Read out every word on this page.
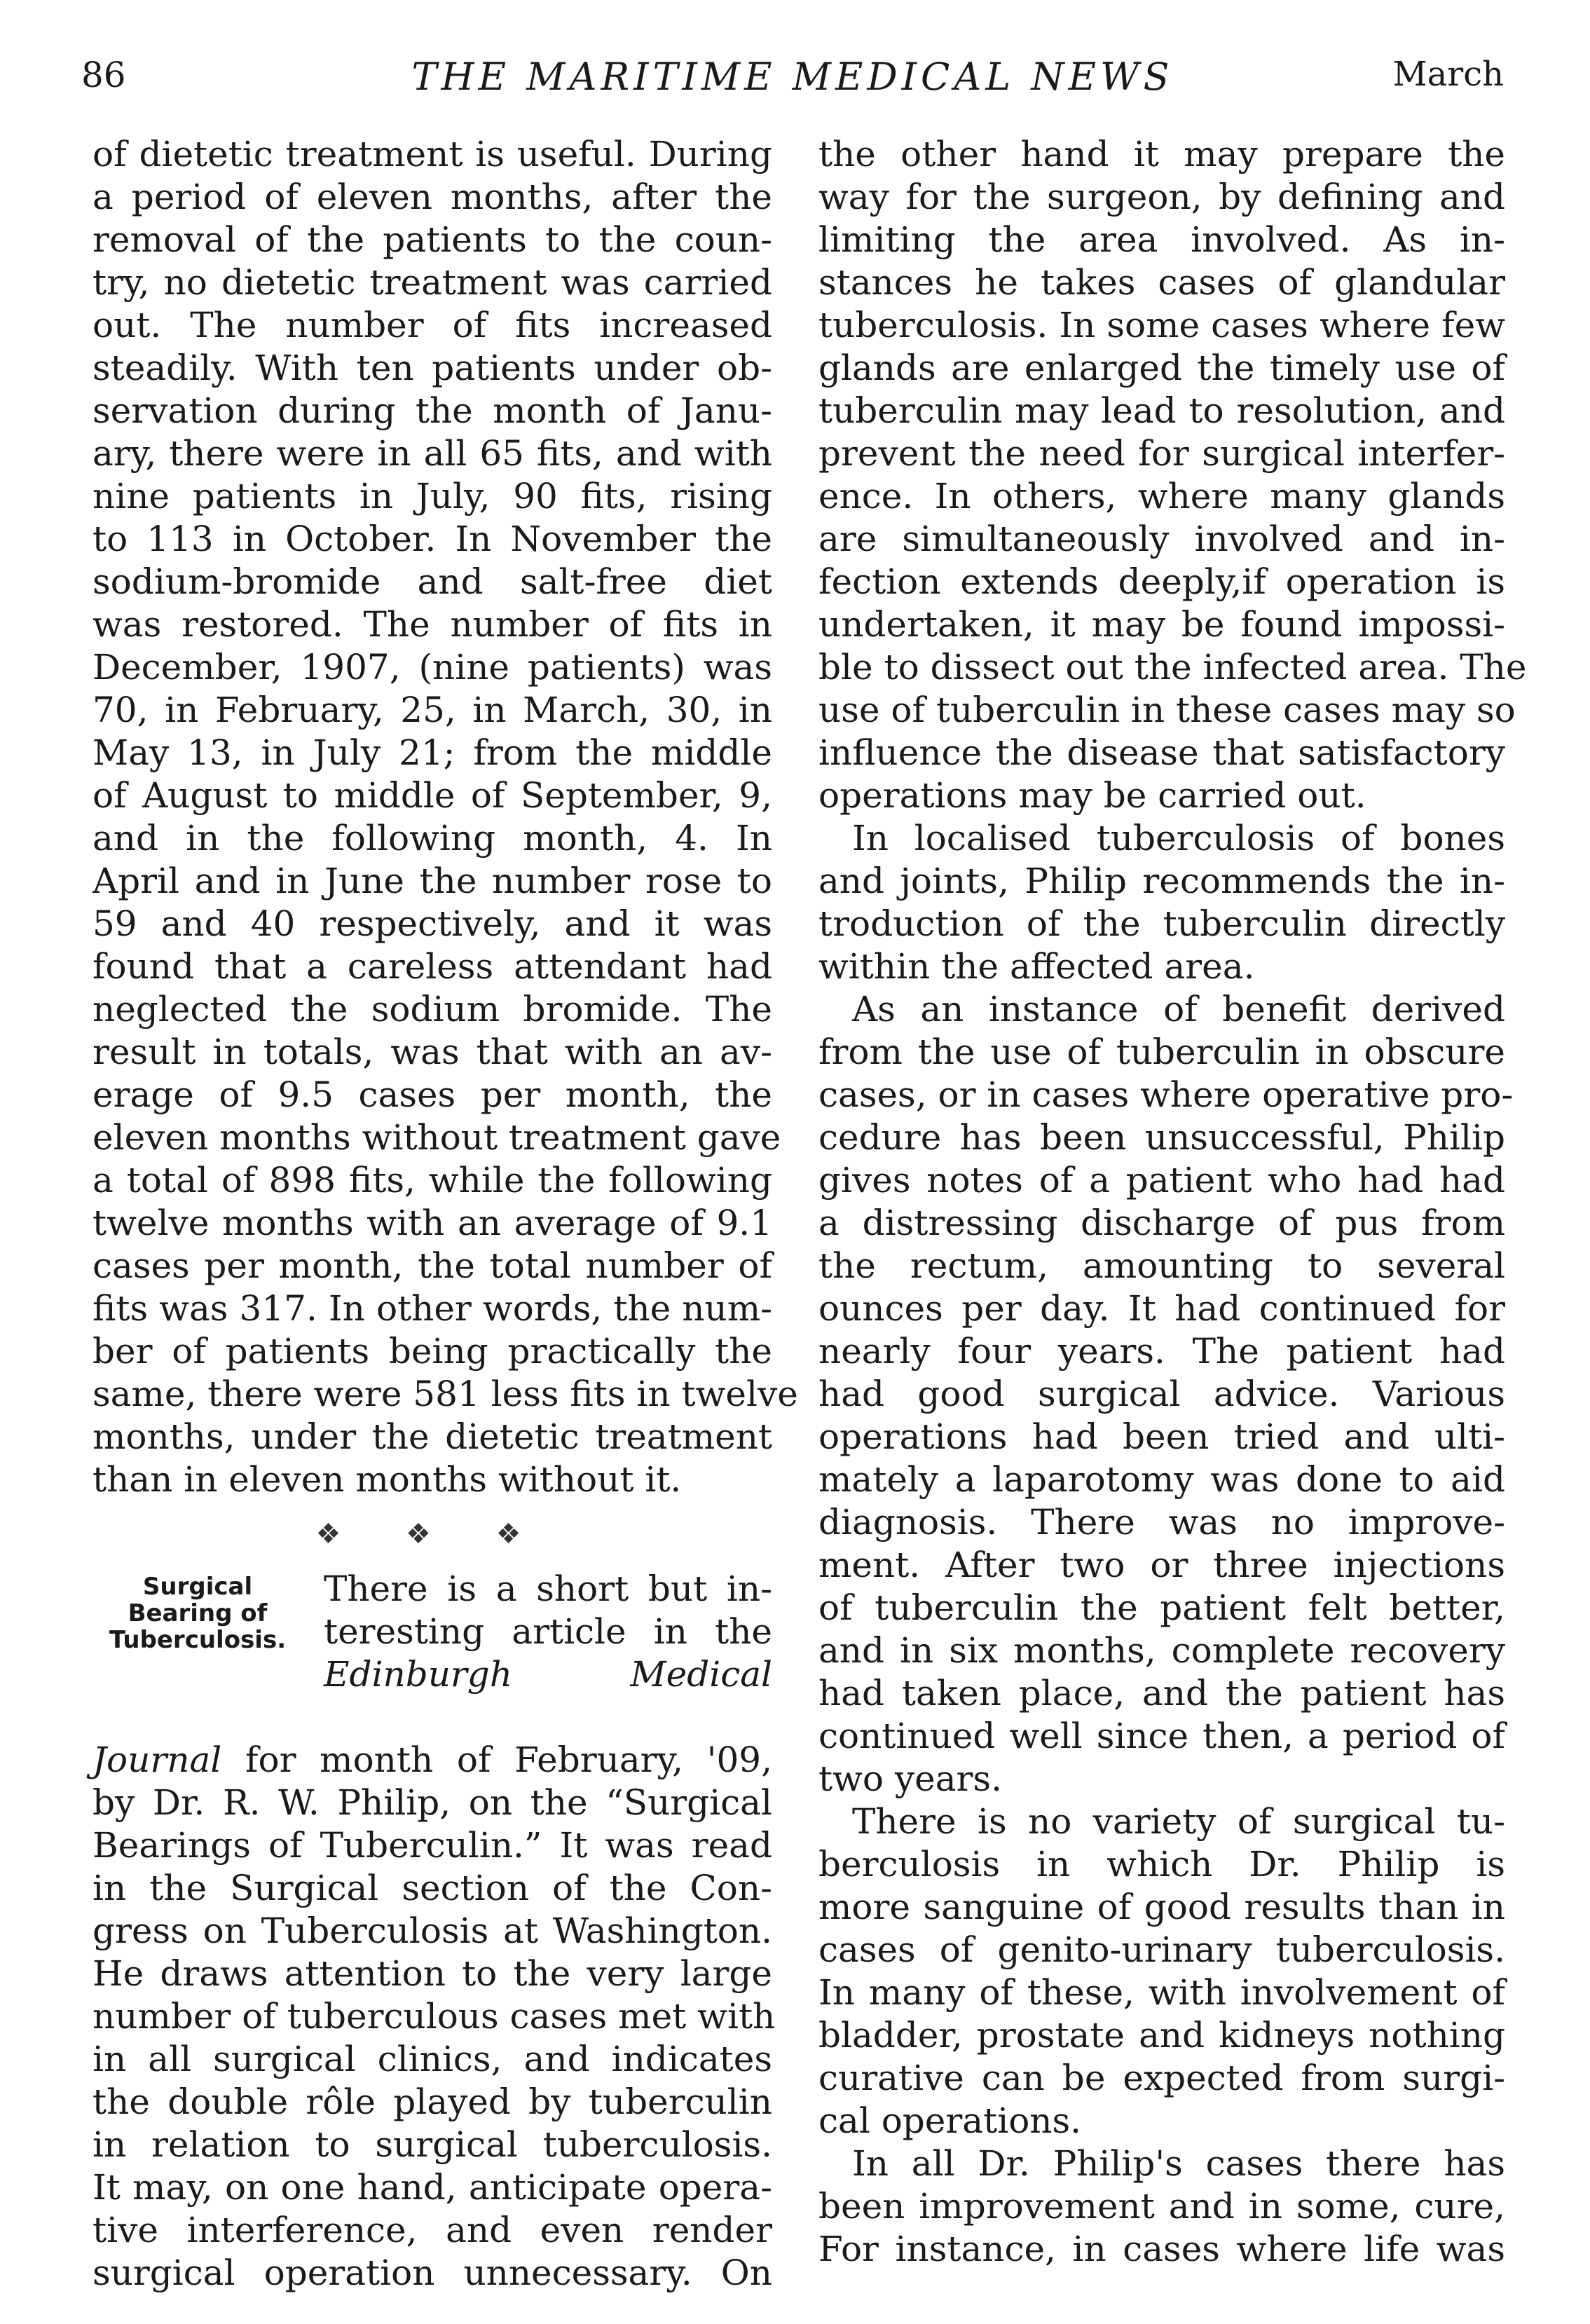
86	THE MARITIME MEDICAL NEWS	March
of dietetic treatment is useful. During
a period of eleven months, after the
removal of the patients to the coun-
try, no dietetic treatment was carried
out. The number of fits increased
steadily. With ten patients under ob-
servation during the month of Janu-
ary, there were in all 65 fits, and with
nine patients in July, 90 fits, rising
to 113 in October. In November the
sodium-bromide and salt-free diet
was restored. The number of fits in
December, 1907, (nine patients) was
70, in February, 25, in March, 30, in
May 13, in July 21; from the middle
of August to middle of September, 9,
and in the following month, 4. In
April and in June the number rose to
59 and 40 respectively, and it was
found that a careless attendant had
neglected the sodium bromide. The
result in totals, was that with an av-
erage of 9.5 cases per month, the
eleven months without treatment gave
a total of 898 fits, while the following
twelve months with an average of 9.1
cases per month, the total number of
fits was 317. In other words, the num-
ber of patients being practically the
same, there were 581 less fits in twelve
months, under the dietetic treatment
than in eleven months without it.
❖ ❖ ❖
Surgical
Bearing of
Tuberculosis.
There is a short but in-
teresting article in the
Edinburgh Medical
Journal for month of February, '09,
by Dr. R. W. Philip, on the “Surgical
Bearings of Tuberculin.” It was read
in the Surgical section of the Con-
gress on Tuberculosis at Washington.
He draws attention to the very large
number of tuberculous cases met with
in all surgical clinics, and indicates
the double rôle played by tuberculin
in relation to surgical tuberculosis.
It may, on one hand, anticipate opera-
tive interference, and even render
surgical operation unnecessary. On
the other hand it may prepare the
way for the surgeon, by defining and
limiting the area involved. As in-
stances he takes cases of glandular
tuberculosis. In some cases where few
glands are enlarged the timely use of
tuberculin may lead to resolution, and
prevent the need for surgical interfer-
ence. In others, where many glands
are simultaneously involved and in-
fection extends deeply,if operation is
undertaken, it may be found impossi-
ble to dissect out the infected area. The
use of tuberculin in these cases may so
influence the disease that satisfactory
operations may be carried out.
In localised tuberculosis of bones
and joints, Philip recommends the in-
troduction of the tuberculin directly
within the affected area.
As an instance of benefit derived
from the use of tuberculin in obscure
cases, or in cases where operative pro-
cedure has been unsuccessful, Philip
gives notes of a patient who had had
a distressing discharge of pus from
the rectum, amounting to several
ounces per day. It had continued for
nearly four years. The patient had
had good surgical advice. Various
operations had been tried and ulti-
mately a laparotomy was done to aid
diagnosis. There was no improve-
ment. After two or three injections
of tuberculin the patient felt better,
and in six months, complete recovery
had taken place, and the patient has
continued well since then, a period of
two years.
There is no variety of surgical tu-
berculosis in which Dr. Philip is
more sanguine of good results than in
cases of genito-urinary tuberculosis.
In many of these, with involvement of
bladder, prostate and kidneys nothing
curative can be expected from surgi-
cal operations.
In all Dr. Philip's cases there has
been improvement and in some, cure,
For instance, in cases where life was
